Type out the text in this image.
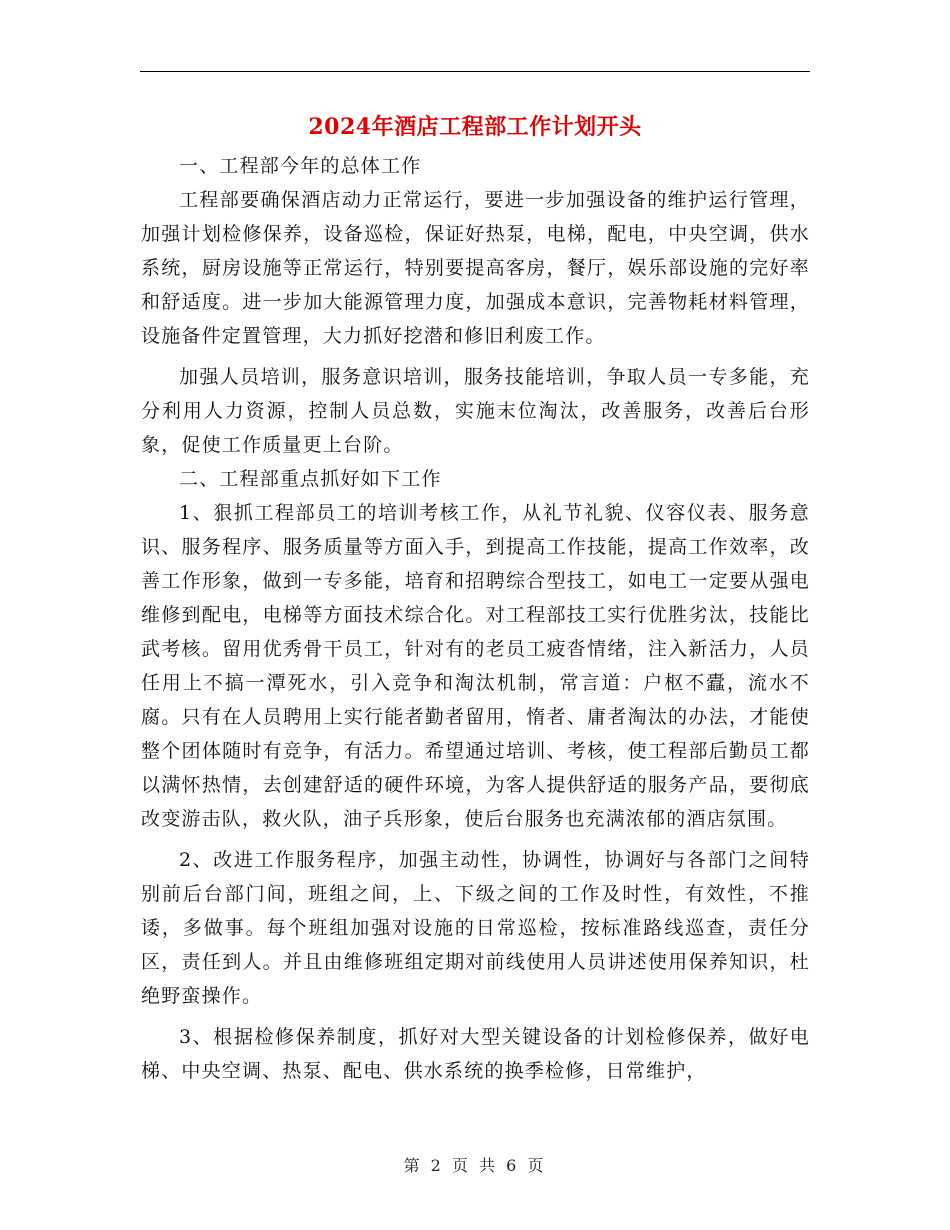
2024年酒店工程部工作计划开头

一、工程部今年的总体工作

工程部要确保酒店动力正常运行，要进一步加强设备的维护运行管理，加强计划检修保养，设备巡检，保证好热泵，电梯，配电，中央空调，供水系统，厨房设施等正常运行，特别要提高客房，餐厅，娱乐部设施的完好率和舒适度。进一步加大能源管理力度，加强成本意识，完善物耗材料管理，设施备件定置管理，大力抓好挖潜和修旧利废工作。

加强人员培训，服务意识培训，服务技能培训，争取人员一专多能，充分利用人力资源，控制人员总数，实施末位淘汰，改善服务，改善后台形象，促使工作质量更上台阶。

二、工程部重点抓好如下工作

1、狠抓工程部员工的培训考核工作，从礼节礼貌、仪容仪表、服务意识、服务程序、服务质量等方面入手，到提高工作技能，提高工作效率，改善工作形象，做到一专多能，培育和招聘综合型技工，如电工一定要从强电维修到配电，电梯等方面技术综合化。对工程部技工实行优胜劣汰，技能比武考核。留用优秀骨干员工，针对有的老员工疲沓情绪，注入新活力，人员任用上不搞一潭死水，引入竞争和淘汰机制，常言道：户枢不蠹，流水不腐。只有在人员聘用上实行能者勤者留用，惰者、庸者淘汰的办法，才能使整个团体随时有竞争，有活力。希望通过培训、考核，使工程部后勤员工都以满怀热情，去创建舒适的硬件环境，为客人提供舒适的服务产品，要彻底改变游击队，救火队，油子兵形象，使后台服务也充满浓郁的酒店氛围。

2、改进工作服务程序，加强主动性，协调性，协调好与各部门之间特别前后台部门间，班组之间，上、下级之间的工作及时性，有效性，不推诿，多做事。每个班组加强对设施的日常巡检，按标准路线巡查，责任分区，责任到人。并且由维修班组定期对前线使用人员讲述使用保养知识，杜绝野蛮操作。

3、根据检修保养制度，抓好对大型关键设备的计划检修保养，做好电梯、中央空调、热泵、配电、供水系统的换季检修，日常维护，

第 2 页 共 6 页
